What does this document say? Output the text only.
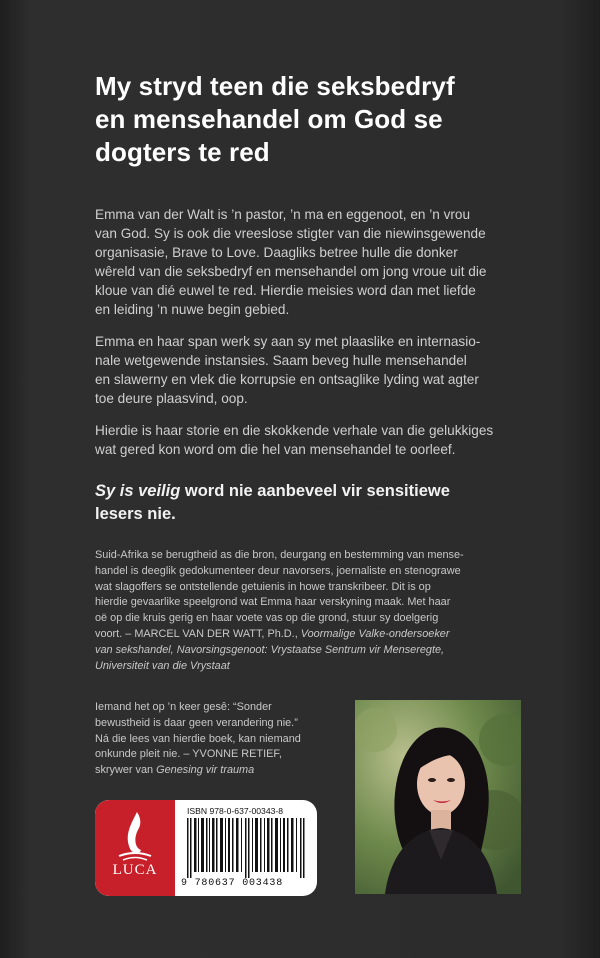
My stryd teen die seksbedryf
en mensehandel om God se
dogters te red

Emma van der Walt is ’n pastor, ’n ma en eggenoot, en ’n vrou
van God. Sy is ook die vreeslose stigter van die niewinsgewende
organisasie, Brave to Love. Daagliks betree hulle die donker
wêreld van die seksbedryf en mensehandel om jong vroue uit die
kloue van dié euwel te red. Hierdie meisies word dan met liefde
en leiding ’n nuwe begin gebied.

Emma en haar span werk sy aan sy met plaaslike en internasio-
nale wetgewende instansies. Saam beveg hulle mensehandel
en slawerny en vlek die korrupsie en ontsaglike lyding wat agter
toe deure plaasvind, oop.

Hierdie is haar storie en die skokkende verhale van die gelukkiges
wat gered kon word om die hel van mensehandel te oorleef.

Sy is veilig word nie aanbeveel vir sensitiewe
lesers nie.
Suid-Afrika se berugtheid as die bron, deurgang en bestemming van mense-
handel is deeglik gedokumenteer deur navorsers, joernaliste en stenograwe
wat slagoffers se ontstellende getuienis in howe transkribeer. Dit is op
hierdie gevaarlike speelgrond wat Emma haar verskyning maak. Met haar
oë op die kruis gerig en haar voete vas op die grond, stuur sy doelgerig
voort. – MARCEL VAN DER WATT, Ph.D., Voormalige Valke-ondersoeker
van sekshandel, Navorsingsgenoot: Vrystaatse Sentrum vir Menseregte,
Universiteit van die Vrystaat
Iemand het op ’n keer gesê: “Sonder
bewustheid is daar geen verandering nie.”
Ná die lees van hierdie boek, kan niemand
onkunde pleit nie. – YVONNE RETIEF,
skrywer van Genesing vir trauma
LUCA
ISBN 978-0-637-00343-8
9 780637 003438
